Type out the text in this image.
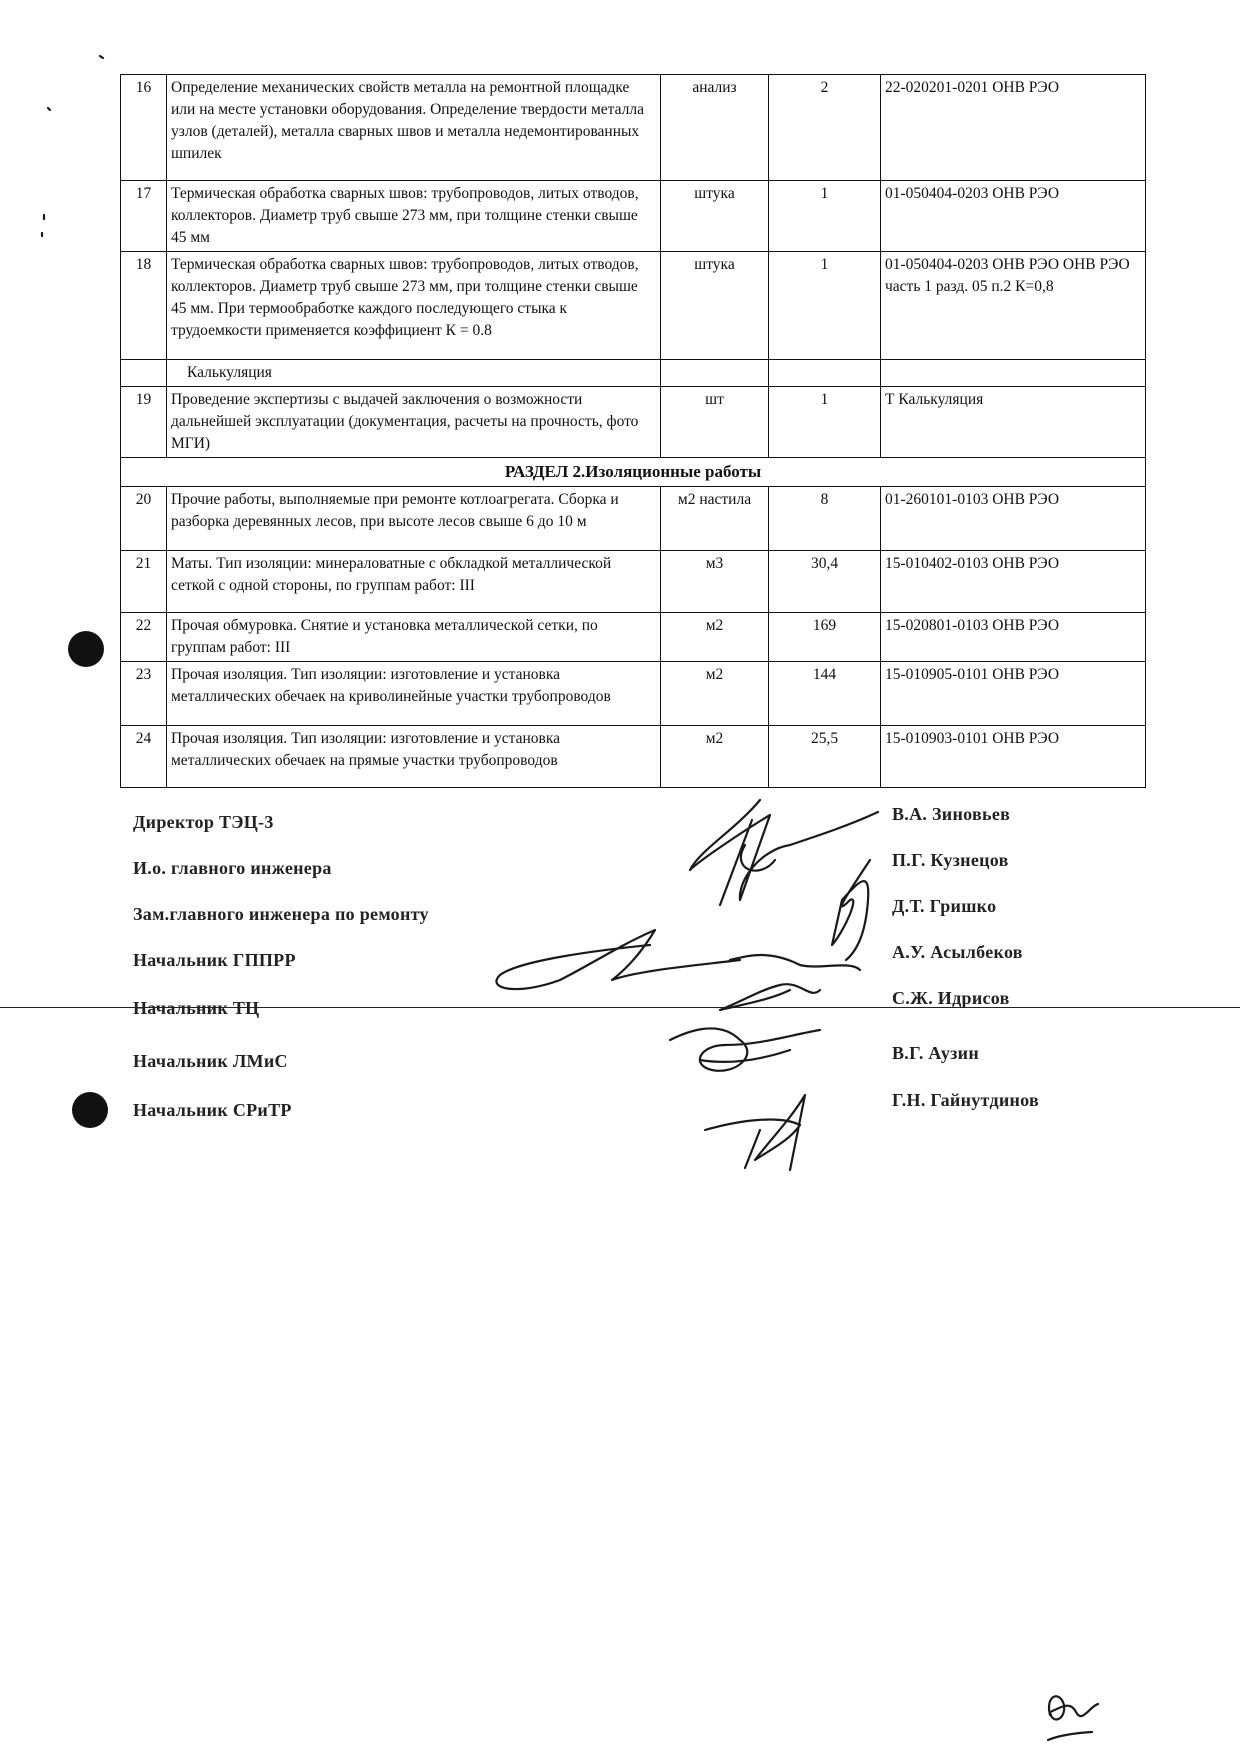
16	Определение механических свойств металла на ремонтной площадке или на месте установки оборудования. Определение твердости металла узлов (деталей), металла сварных швов и металла недемонтированных шпилек	анализ	2	22-020201-0201 ОНВ РЭО
17	Термическая обработка сварных швов: трубопроводов, литых отводов, коллекторов. Диаметр труб свыше 273 мм, при толщине стенки свыше 45 мм	штука	1	01-050404-0203 ОНВ РЭО
18	Термическая обработка сварных швов: трубопроводов, литых отводов, коллекторов. Диаметр труб свыше 273 мм, при толщине стенки свыше 45 мм. При термообработке каждого последующего стыка к трудоемкости применяется коэффициент К = 0.8	штука	1	01-050404-0203 ОНВ РЭО ОНВ РЭО часть 1 разд. 05 п.2 К=0,8
	Калькуляция			
19	Проведение экспертизы с выдачей заключения о возможности дальнейшей эксплуатации (документация, расчеты на прочность, фото МГИ)	шт	1	Т Калькуляция
РАЗДЕЛ 2.Изоляционные работы				
20	Прочие работы, выполняемые при ремонте котлоагрегата. Сборка и разборка деревянных лесов, при высоте лесов свыше 6 до 10 м	м2 настила	8	01-260101-0103 ОНВ РЭО
21	Маты. Тип изоляции: минераловатные с обкладкой металлической сеткой с одной стороны, по группам работ: III	м3	30,4	15-010402-0103 ОНВ РЭО
22	Прочая обмуровка. Снятие и установка металлической сетки, по группам работ: III	м2	169	15-020801-0103 ОНВ РЭО
23	Прочая изоляция. Тип изоляции: изготовление и установка металлических обечаек на криволинейные участки трубопроводов	м2	144	15-010905-0101 ОНВ РЭО
24	Прочая изоляция. Тип изоляции: изготовление и установка металлических обечаек на прямые участки трубопроводов	м2	25,5	15-010903-0101 ОНВ РЭО
Директор ТЭЦ-3	В.А. Зиновьев
И.о. главного инженера	П.Г. Кузнецов
Зам.главного инженера по ремонту	Д.Т. Гришко
Начальник ГППРР	А.У. Асылбеков
Начальник ТЦ	С.Ж. Идрисов
Начальник ЛМиС	В.Г. Аузин
Начальник СРиТР	Г.Н. Гайнутдинов
